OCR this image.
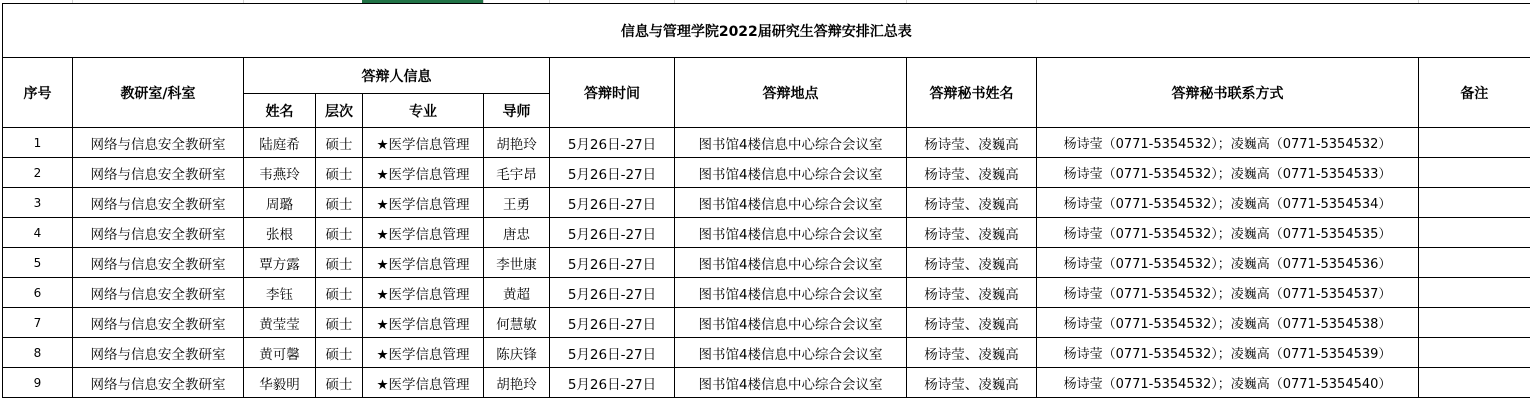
信息与管理学院2022届研究生答辩安排汇总表										
序号	教研室/科室	答辩人信息				答辩时间	答辩地点	答辩秘书姓名	答辩秘书联系方式	备注
		姓名	层次	专业	导师					
1	网络与信息安全教研室	陆庭希	硕士	★医学信息管理	胡艳玲	5月26日-27日	图书馆4楼信息中心综合会议室	杨诗莹、凌巍高	杨诗莹（0771-5354532）；凌巍高（0771-5354532）	
2	网络与信息安全教研室	韦燕玲	硕士	★医学信息管理	毛宇昂	5月26日-27日	图书馆4楼信息中心综合会议室	杨诗莹、凌巍高	杨诗莹（0771-5354532）；凌巍高（0771-5354533）	
3	网络与信息安全教研室	周璐	硕士	★医学信息管理	王勇	5月26日-27日	图书馆4楼信息中心综合会议室	杨诗莹、凌巍高	杨诗莹（0771-5354532）；凌巍高（0771-5354534）	
4	网络与信息安全教研室	张根	硕士	★医学信息管理	唐忠	5月26日-27日	图书馆4楼信息中心综合会议室	杨诗莹、凌巍高	杨诗莹（0771-5354532）；凌巍高（0771-5354535）	
5	网络与信息安全教研室	覃方露	硕士	★医学信息管理	李世康	5月26日-27日	图书馆4楼信息中心综合会议室	杨诗莹、凌巍高	杨诗莹（0771-5354532）；凌巍高（0771-5354536）	
6	网络与信息安全教研室	李钰	硕士	★医学信息管理	黄超	5月26日-27日	图书馆4楼信息中心综合会议室	杨诗莹、凌巍高	杨诗莹（0771-5354532）；凌巍高（0771-5354537）	
7	网络与信息安全教研室	黄莹莹	硕士	★医学信息管理	何慧敏	5月26日-27日	图书馆4楼信息中心综合会议室	杨诗莹、凌巍高	杨诗莹（0771-5354532）；凌巍高（0771-5354538）	
8	网络与信息安全教研室	黄可馨	硕士	★医学信息管理	陈庆锋	5月26日-27日	图书馆4楼信息中心综合会议室	杨诗莹、凌巍高	杨诗莹（0771-5354532）；凌巍高（0771-5354539）	
9	网络与信息安全教研室	华毅明	硕士	★医学信息管理	胡艳玲	5月26日-27日	图书馆4楼信息中心综合会议室	杨诗莹、凌巍高	杨诗莹（0771-5354532）；凌巍高（0771-5354540）	
